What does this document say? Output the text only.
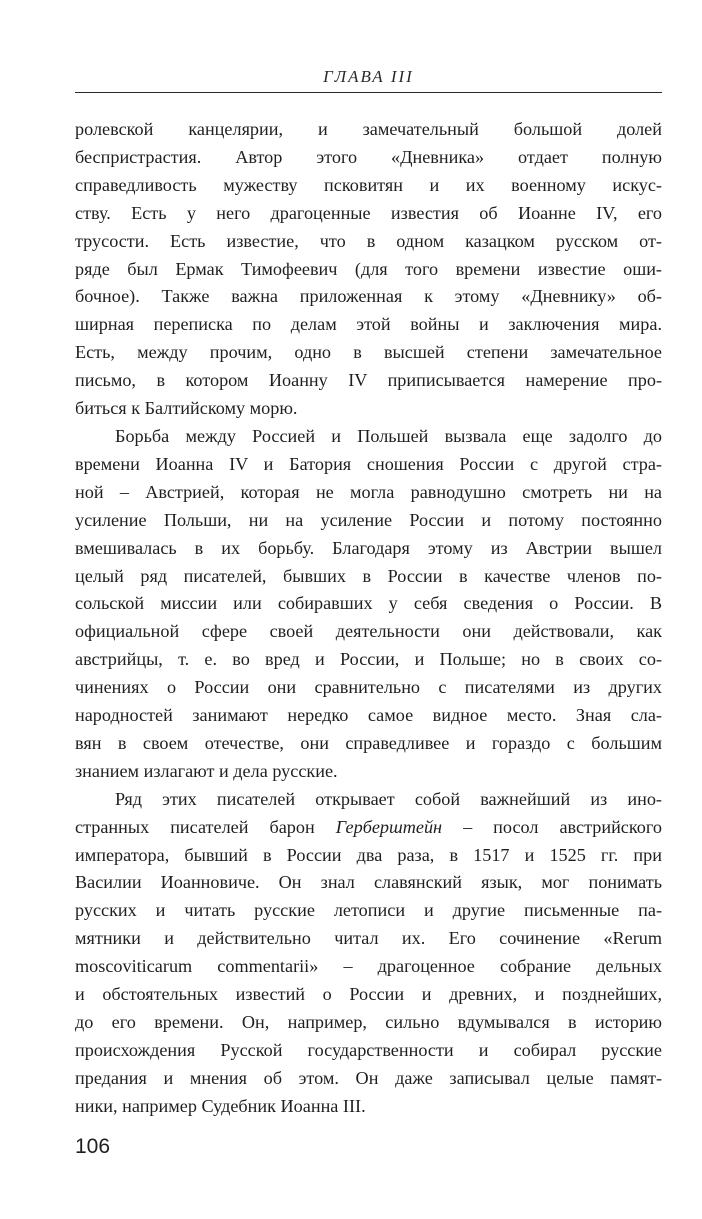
ГЛАВА III
ролевской канцелярии, и замечательный большой долей
беспристрастия. Автор этого «Дневника» отдает полную
справедливость мужеству псковитян и их военному искус-
ству. Есть у него драгоценные известия об Иоанне IV, его
трусости. Есть известие, что в одном казацком русском от-
ряде был Ермак Тимофеевич (для того времени известие оши-
бочное). Также важна приложенная к этому «Дневнику» об-
ширная переписка по делам этой войны и заключения мира.
Есть, между прочим, одно в высшей степени замечательное
письмо, в котором Иоанну IV приписывается намерение про-
биться к Балтийскому морю.
Борьба между Россией и Польшей вызвала еще задолго до
времени Иоанна IV и Батория сношения России с другой стра-
ной – Австрией, которая не могла равнодушно смотреть ни на
усиление Польши, ни на усиление России и потому постоянно
вмешивалась в их борьбу. Благодаря этому из Австрии вышел
целый ряд писателей, бывших в России в качестве членов по-
сольской миссии или собиравших у себя сведения о России. В
официальной сфере своей деятельности они действовали, как
австрийцы, т. е. во вред и России, и Польше; но в своих со-
чинениях о России они сравнительно с писателями из других
народностей занимают нередко самое видное место. Зная сла-
вян в своем отечестве, они справедливее и гораздо с большим
знанием излагают и дела русские.
Ряд этих писателей открывает собой важнейший из ино-
странных писателей барон Герберштейн – посол австрийского
императора, бывший в России два раза, в 1517 и 1525 гг. при
Василии Иоанновиче. Он знал славянский язык, мог понимать
русских и читать русские летописи и другие письменные па-
мятники и действительно читал их. Его сочинение «Rerum
moscoviticarum commentarii» – драгоценное собрание дельных
и обстоятельных известий о России и древних, и позднейших,
до его времени. Он, например, сильно вдумывался в историю
происхождения Русской государственности и собирал русские
предания и мнения об этом. Он даже записывал целые памят-
ники, например Судебник Иоанна III.
106
